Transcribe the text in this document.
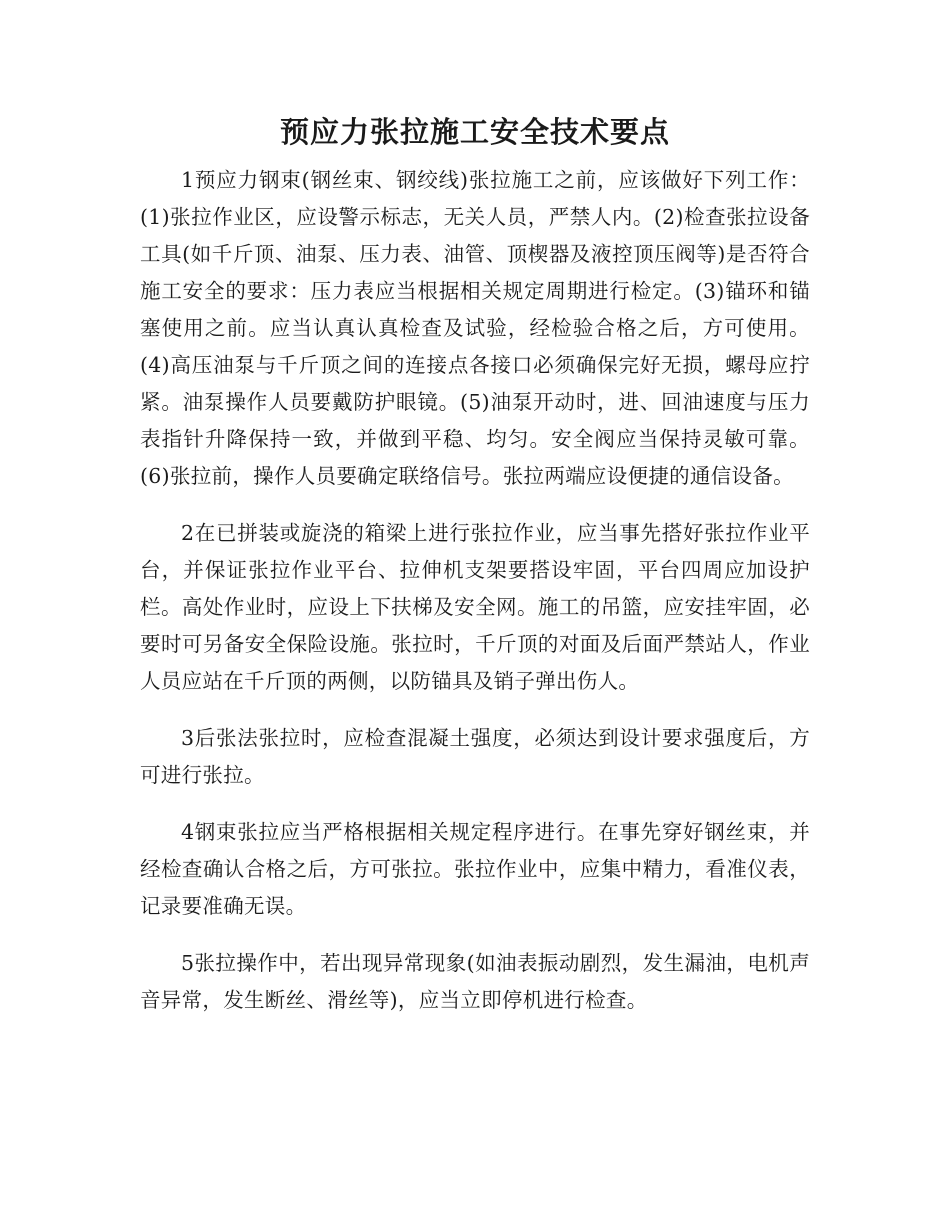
预应力张拉施工安全技术要点

1预应力钢束(钢丝束、钢绞线)张拉施工之前，应该做好下列工作：(1)张拉作业区，应设警示标志，无关人员，严禁人内。(2)检查张拉设备工具(如千斤顶、油泵、压力表、油管、顶楔器及液控顶压阀等)是否符合施工安全的要求：压力表应当根据相关规定周期进行检定。(3)锚环和锚塞使用之前。应当认真认真检查及试验，经检验合格之后，方可使用。(4)高压油泵与千斤顶之间的连接点各接口必须确保完好无损，螺母应拧紧。油泵操作人员要戴防护眼镜。(5)油泵开动时，进、回油速度与压力表指针升降保持一致，并做到平稳、均匀。安全阀应当保持灵敏可靠。(6)张拉前，操作人员要确定联络信号。张拉两端应设便捷的通信设备。

2在已拼装或旋浇的箱梁上进行张拉作业，应当事先搭好张拉作业平台，并保证张拉作业平台、拉伸机支架要搭设牢固，平台四周应加设护栏。高处作业时，应设上下扶梯及安全网。施工的吊篮，应安挂牢固，必要时可另备安全保险设施。张拉时，千斤顶的对面及后面严禁站人，作业人员应站在千斤顶的两侧，以防锚具及销子弹出伤人。

3后张法张拉时，应检查混凝土强度，必须达到设计要求强度后，方可进行张拉。

4钢束张拉应当严格根据相关规定程序进行。在事先穿好钢丝束，并经检查确认合格之后，方可张拉。张拉作业中，应集中精力，看准仪表，记录要准确无误。

5张拉操作中，若出现异常现象(如油表振动剧烈，发生漏油，电机声音异常，发生断丝、滑丝等)，应当立即停机进行检查。
